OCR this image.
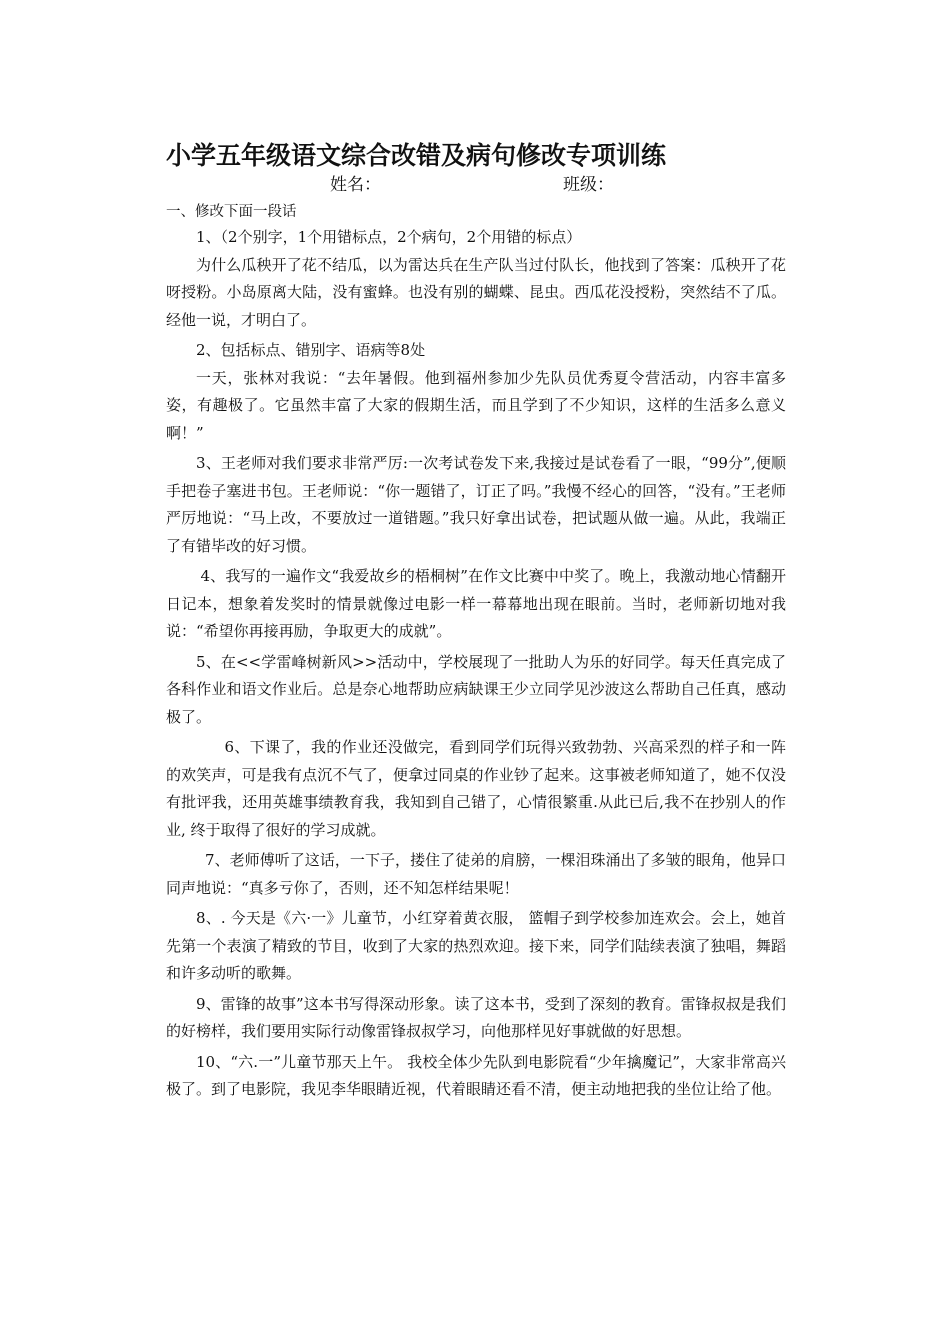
小学五年级语文综合改错及病句修改专项训练
姓名：	班级：

一、修改下面一段话

1、（2个别字，1个用错标点，2个病句，2个用错的标点）

为什么瓜秧开了花不结瓜，以为雷达兵在生产队当过付队长，他找到了答案：瓜秧开了花呀授粉。小岛原离大陆，没有蜜蜂。也没有别的蝴蝶、昆虫。西瓜花没授粉，突然结不了瓜。经他一说，才明白了。

2、包括标点、错别字、语病等8处

一天，张林对我说：“去年暑假。他到福州参加少先队员优秀夏令营活动，内容丰富多姿，有趣极了。它虽然丰富了大家的假期生活，而且学到了不少知识，这样的生活多么意义啊！”

3、王老师对我们要求非常严厉:一次考试卷发下来,我接过是试卷看了一眼，“99分”,便顺手把卷子塞进书包。王老师说：“你一题错了，订正了吗。”我慢不经心的回答，“没有。”王老师严厉地说：“马上改，不要放过一道错题。”我只好拿出试卷，把试题从做一遍。从此，我端正了有错毕改的好习惯。

4、我写的一遍作文“我爱故乡的梧桐树”在作文比赛中中奖了。晚上，我激动地心情翻开日记本，想象着发奖时的情景就像过电影一样一幕幕地出现在眼前。当时，老师新切地对我说：“希望你再接再励，争取更大的成就”。

5、在<<学雷峰树新风>>活动中，学校展现了一批助人为乐的好同学。每天任真完成了各科作业和语文作业后。总是奈心地帮助应病缺课王少立同学见沙波这么帮助自己任真，感动极了。

6、下课了，我的作业还没做完，看到同学们玩得兴致勃勃、兴高采烈的样子和一阵的欢笑声，可是我有点沉不气了，便拿过同桌的作业钞了起来。这事被老师知道了，她不仅没有批评我，还用英雄事绩教育我，我知到自己错了，心情很繁重.从此已后,我不在抄别人的作业, 终于取得了很好的学习成就。

7、老师傅听了这话，一下子，搂住了徒弟的肩膀，一棵泪珠涌出了多皱的眼角，他异口同声地说：“真多亏你了，否则，还不知怎样结果呢！

8、. 今天是《六·一》儿童节，小红穿着黄衣服， 篮帽子到学校参加连欢会。会上，她首先第一个表演了精致的节目，收到了大家的热烈欢迎。接下来，同学们陆续表演了独唱，舞蹈和许多动听的歌舞。

9、雷锋的故事”这本书写得深动形象。读了这本书，受到了深刻的教育。雷锋叔叔是我们的好榜样，我们要用实际行动像雷锋叔叔学习，向他那样见好事就做的好思想。

10、“六.一”儿童节那天上午。 我校全体少先队到电影院看“少年擒魔记”，大家非常高兴极了。到了电影院，我见李华眼睛近视，代着眼睛还看不清，便主动地把我的坐位让给了他。
